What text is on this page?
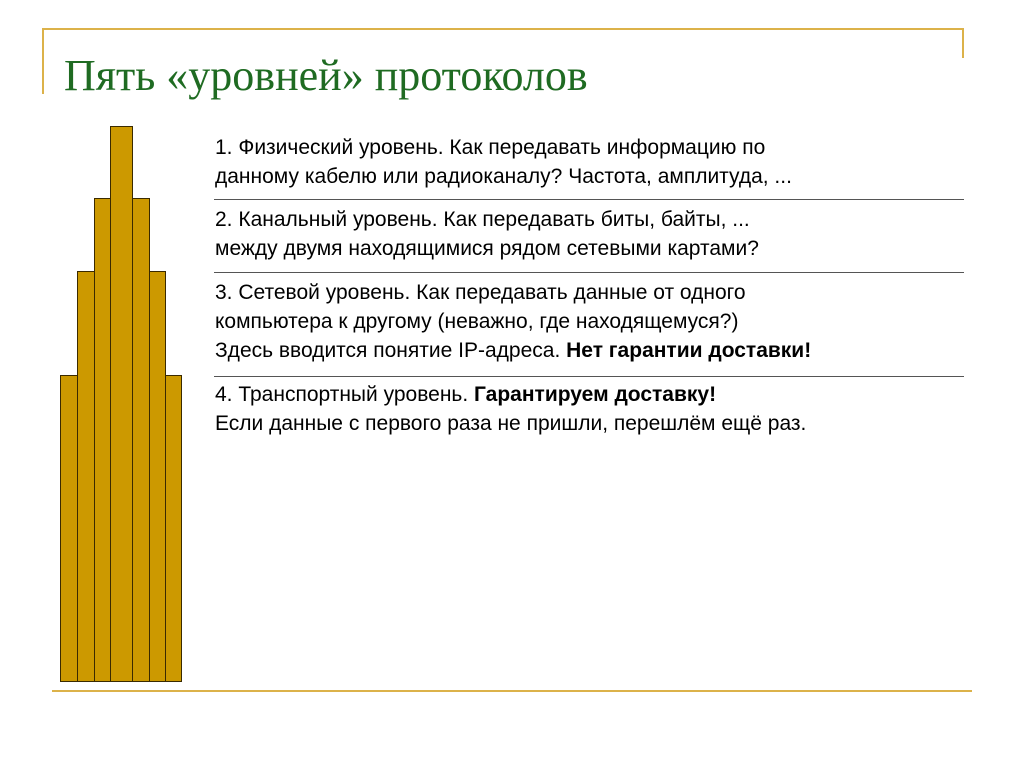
Пять «уровней» протоколов
1. Физический уровень. Как передавать информацию по
данному кабелю или радиоканалу? Частота, амплитуда, ...
2. Канальный уровень. Как передавать биты, байты, ...
между двумя находящимися рядом сетевыми картами?
3. Сетевой уровень. Как передавать данные от одного
компьютера к другому (неважно, где находящемуся?)
Здесь вводится понятие IP-адреса. Нет гарантии доставки!
4. Транспортный уровень. Гарантируем доставку!
Если данные с первого раза не пришли, перешлём ещё раз.
